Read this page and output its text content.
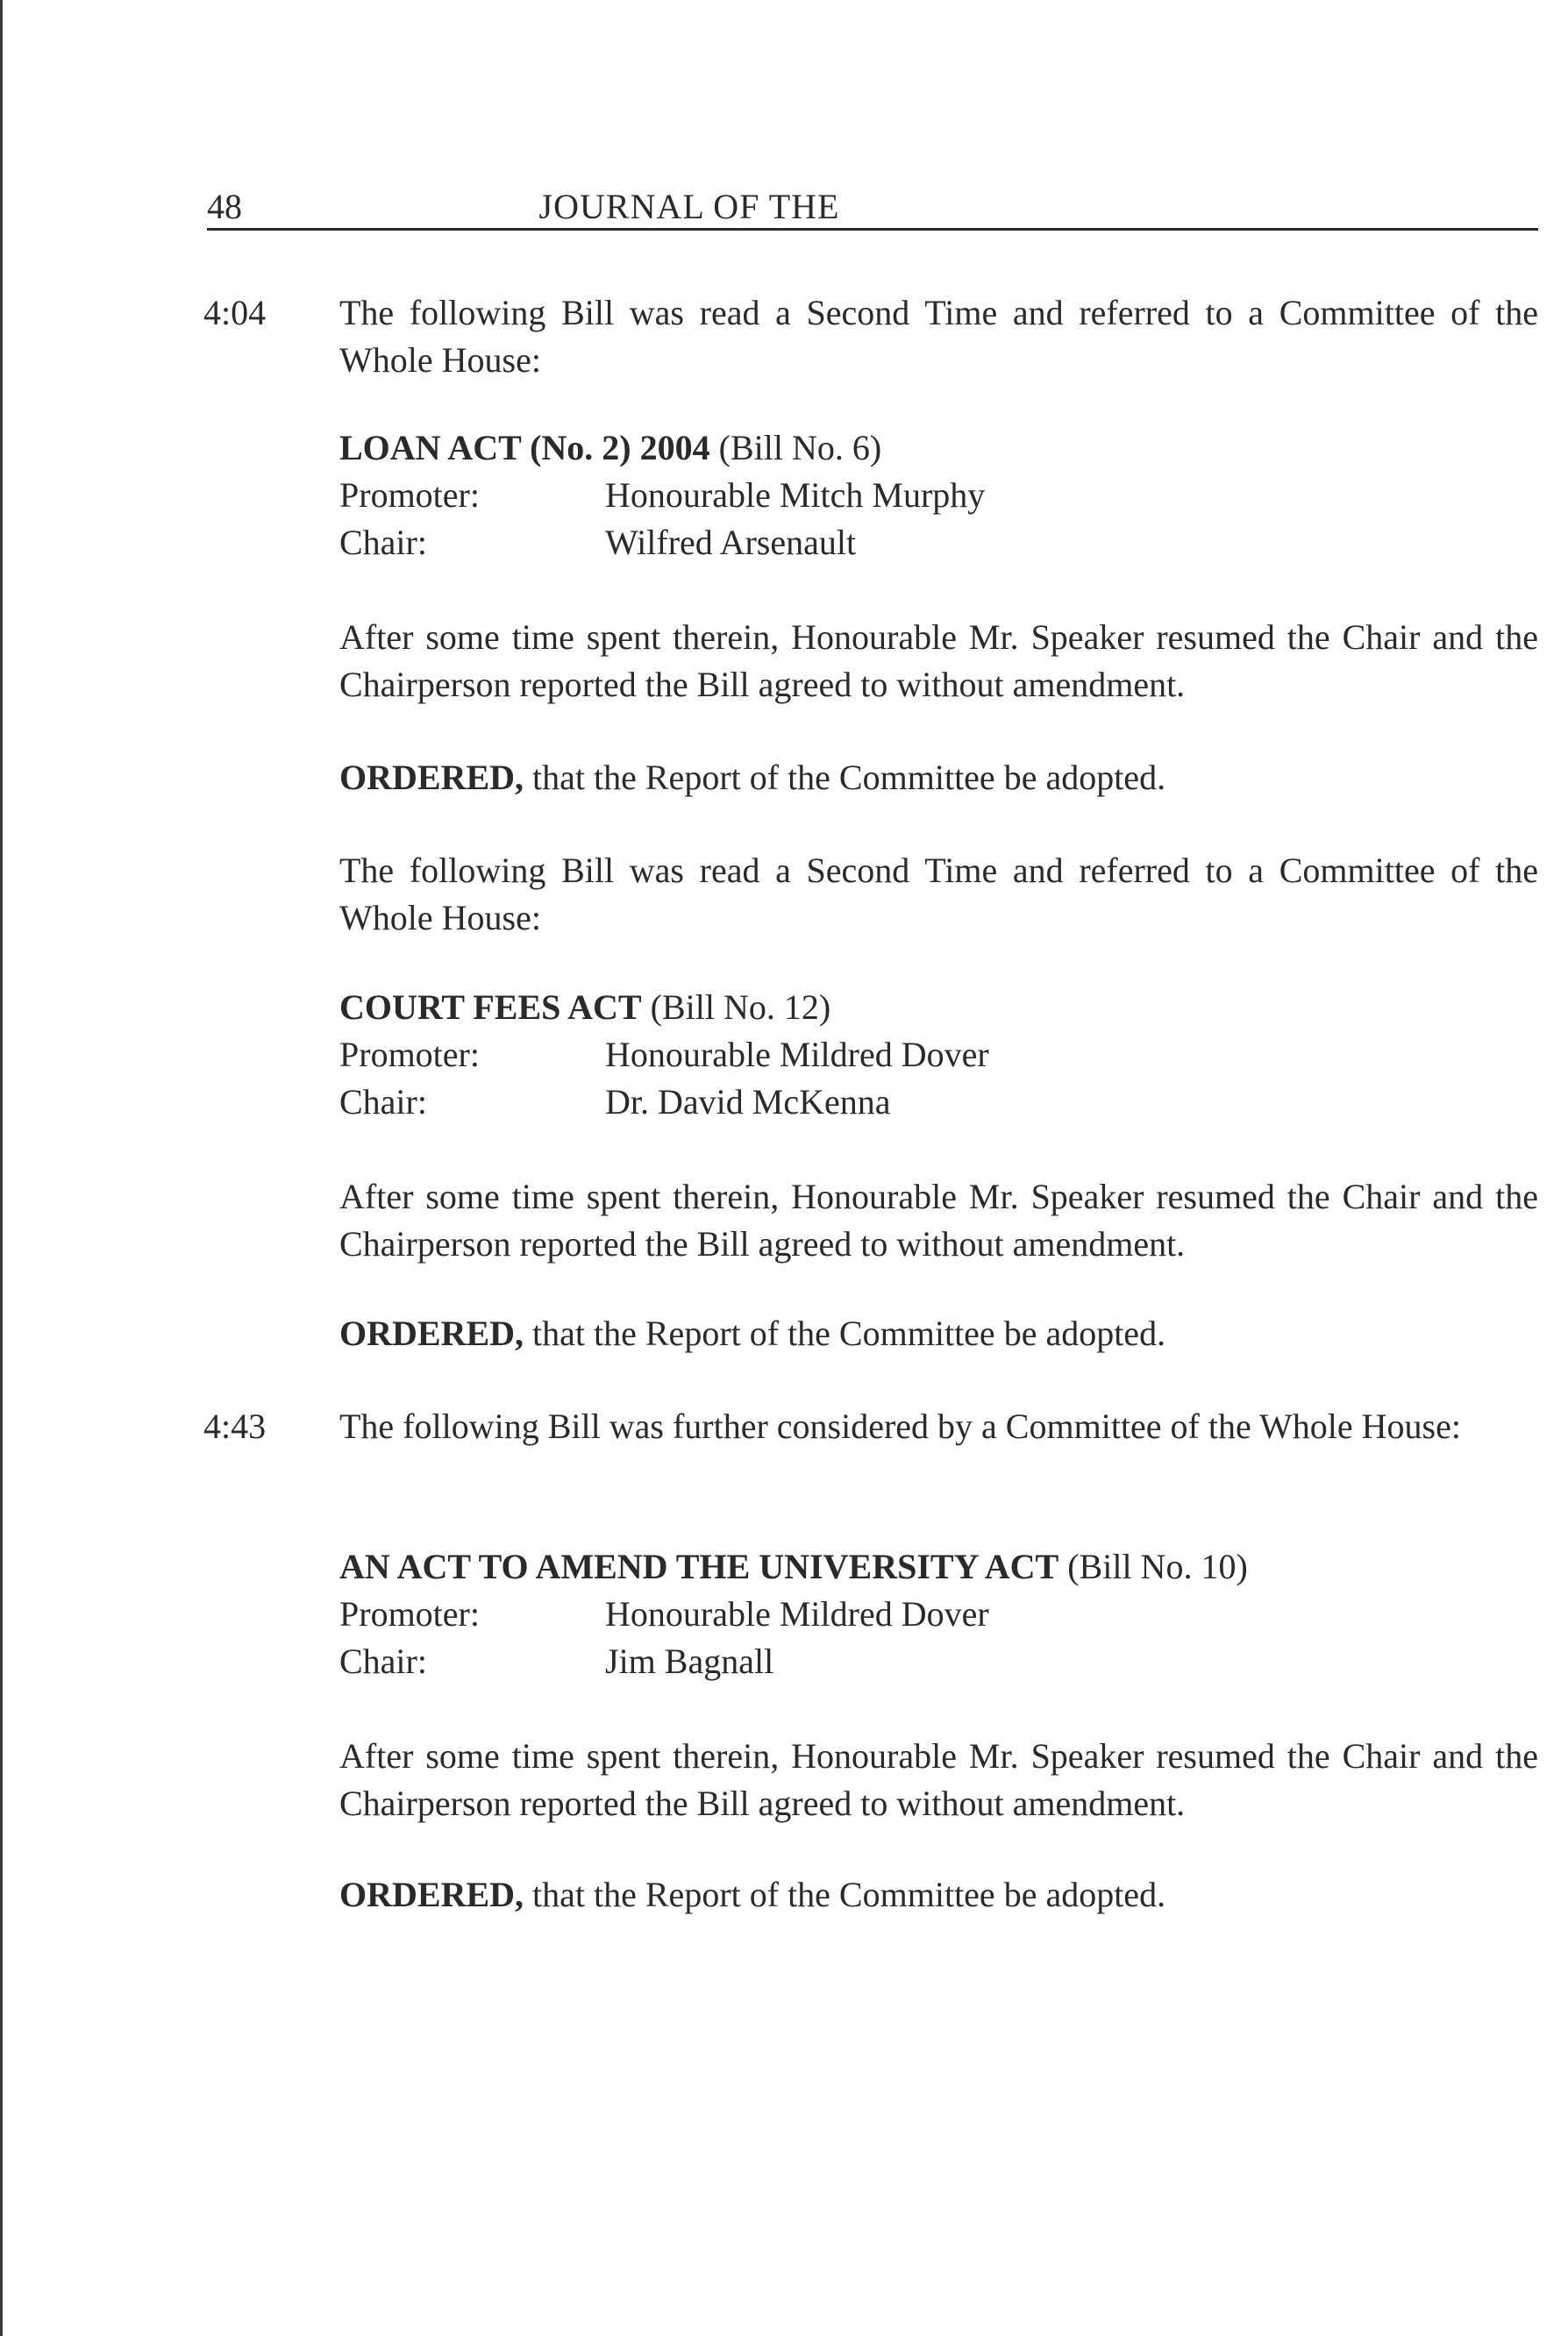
48	JOURNAL OF THE
4:04 The following Bill was read a Second Time and referred to a Committee of the Whole House:

LOAN ACT (No. 2) 2004 (Bill No. 6)
Promoter:	Honourable Mitch Murphy
Chair:	Wilfred Arsenault

After some time spent therein, Honourable Mr. Speaker resumed the Chair and the Chairperson reported the Bill agreed to without amendment.

ORDERED, that the Report of the Committee be adopted.

The following Bill was read a Second Time and referred to a Committee of the Whole House:

COURT FEES ACT (Bill No. 12)
Promoter:	Honourable Mildred Dover
Chair:	Dr. David McKenna

After some time spent therein, Honourable Mr. Speaker resumed the Chair and the Chairperson reported the Bill agreed to without amendment.

ORDERED, that the Report of the Committee be adopted.
4:43 The following Bill was further considered by a Committee of the Whole House:

AN ACT TO AMEND THE UNIVERSITY ACT (Bill No. 10)
Promoter:	Honourable Mildred Dover
Chair:	Jim Bagnall

After some time spent therein, Honourable Mr. Speaker resumed the Chair and the Chairperson reported the Bill agreed to without amendment.

ORDERED, that the Report of the Committee be adopted.
